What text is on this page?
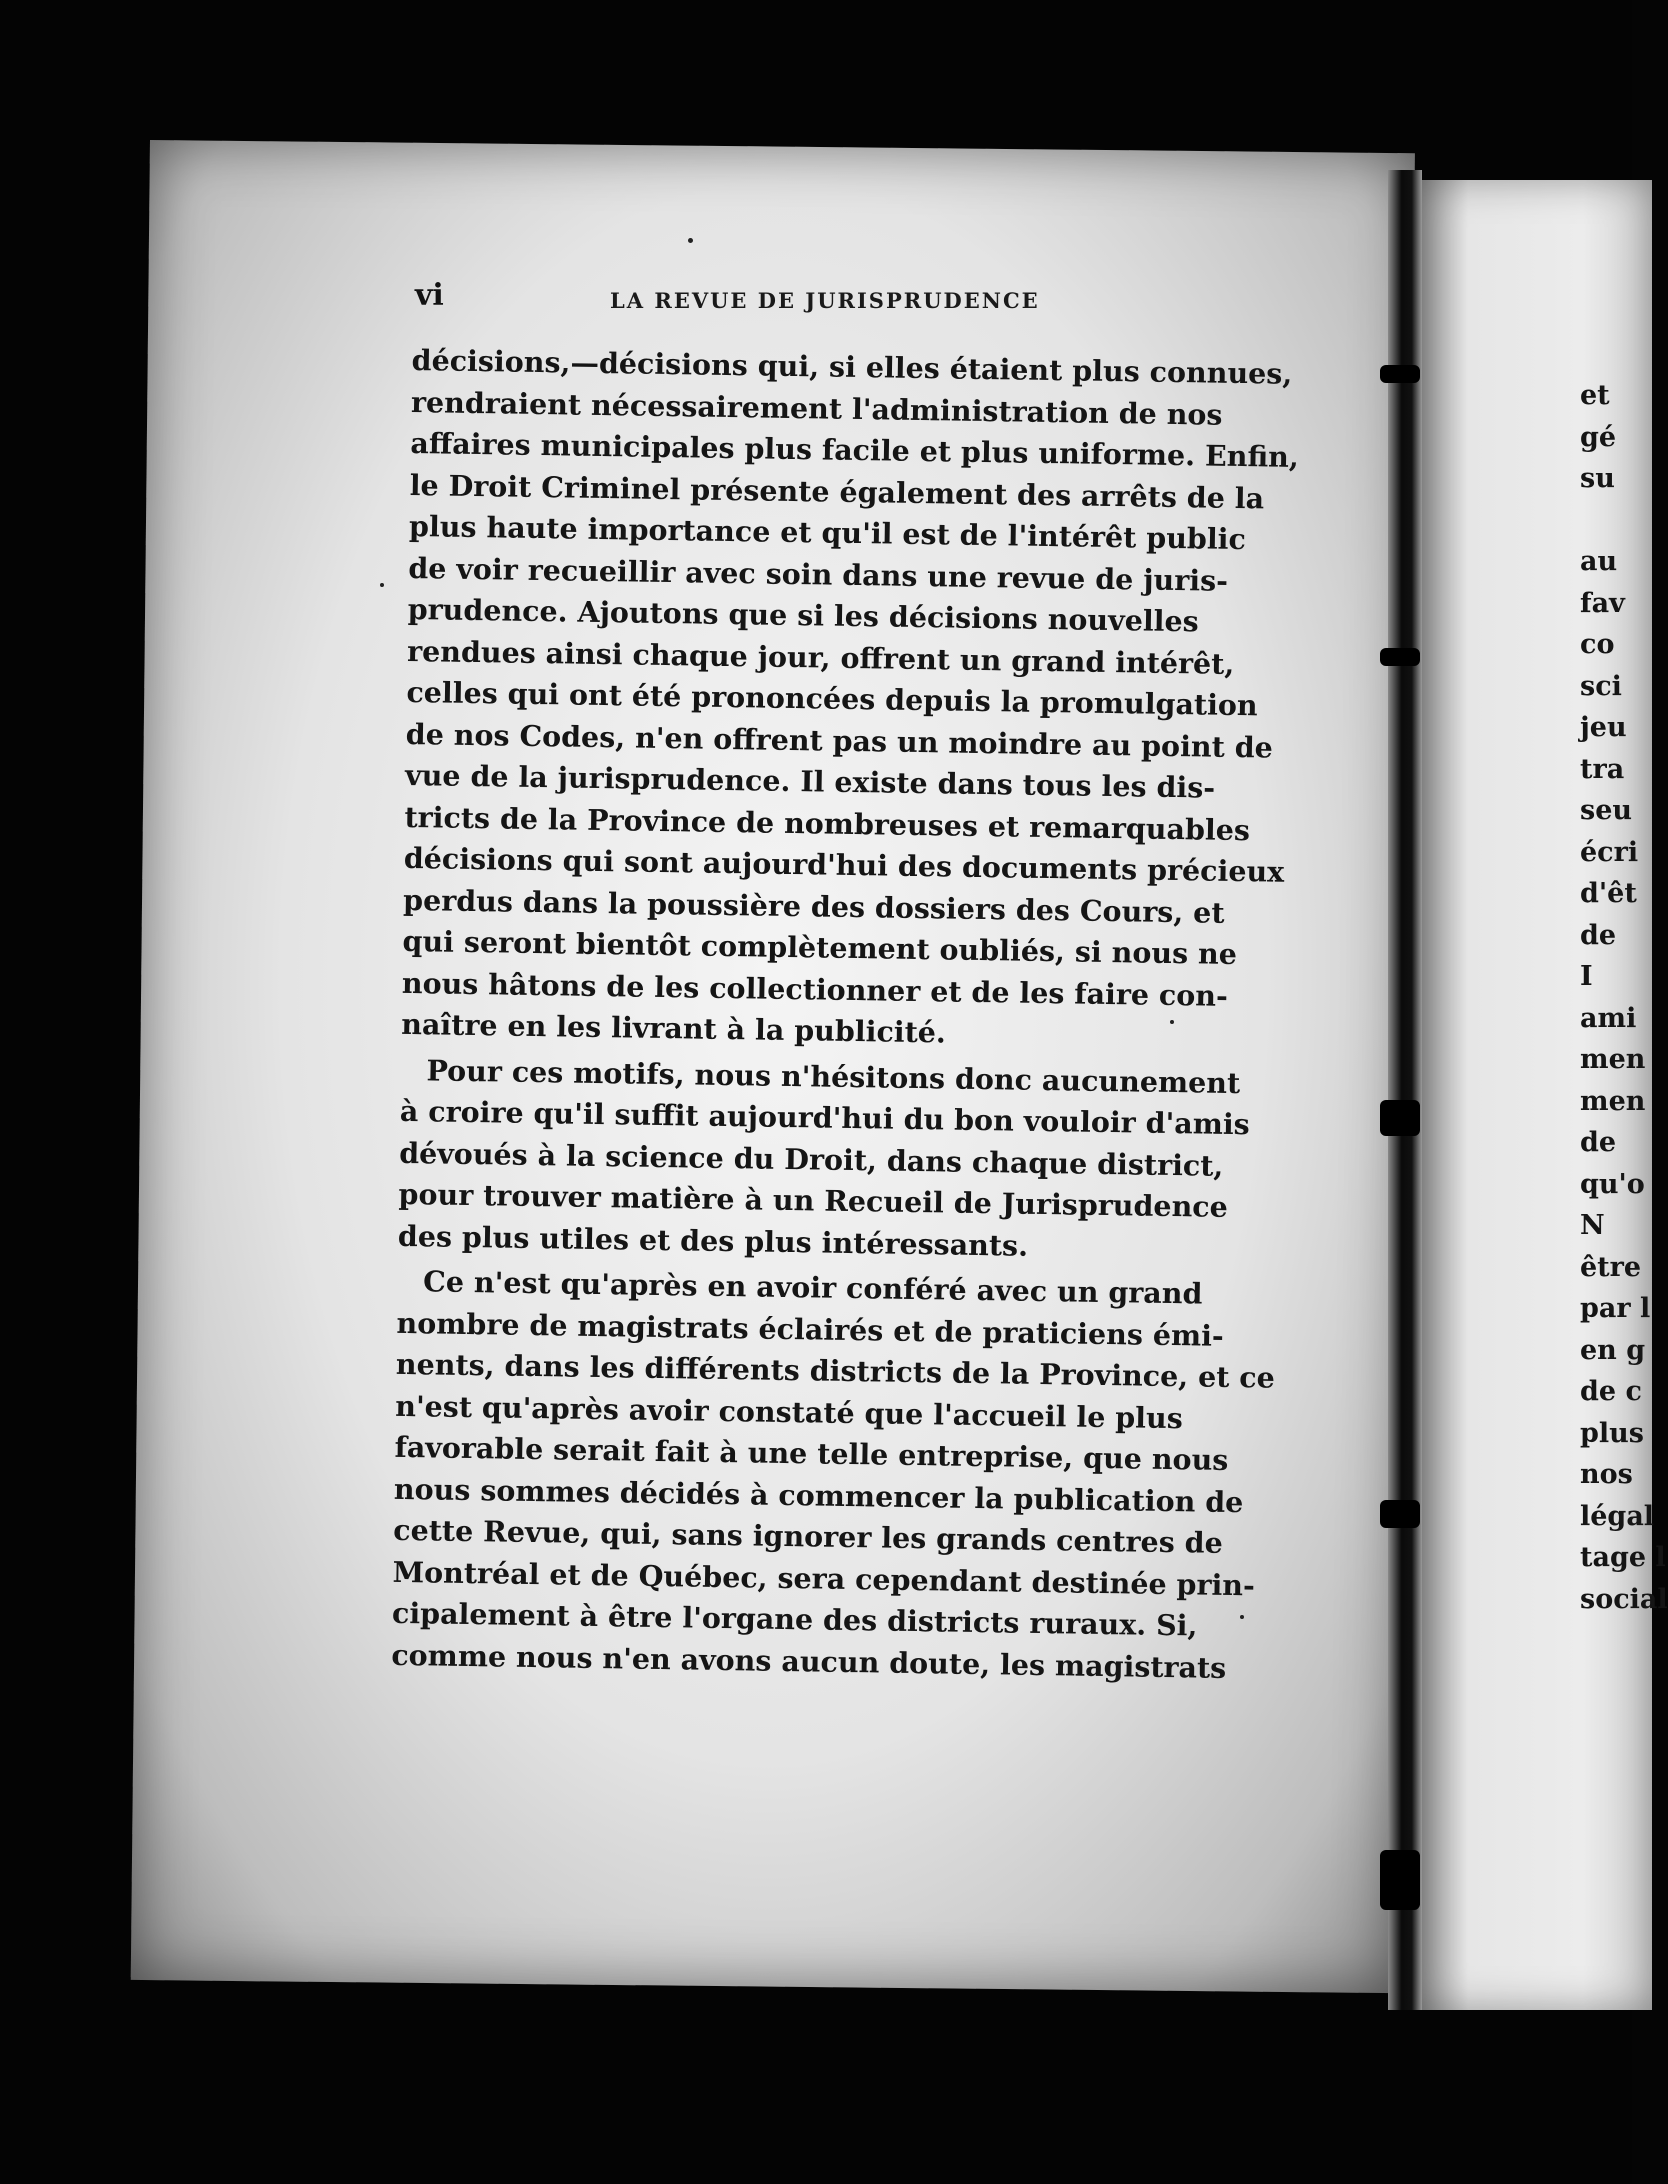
vi	LA REVUE DE JURISPRUDENCE
décisions,—décisions qui, si elles étaient plus connues,
rendraient nécessairement l'administration de nos
affaires municipales plus facile et plus uniforme. Enfin,
le Droit Criminel présente également des arrêts de la
plus haute importance et qu'il est de l'intérêt public
de voir recueillir avec soin dans une revue de juris-
prudence. Ajoutons que si les décisions nouvelles
rendues ainsi chaque jour, offrent un grand intérêt,
celles qui ont été prononcées depuis la promulgation
de nos Codes, n'en offrent pas un moindre au point de
vue de la jurisprudence. Il existe dans tous les dis-
tricts de la Province de nombreuses et remarquables
décisions qui sont aujourd'hui des documents précieux
perdus dans la poussière des dossiers des Cours, et
qui seront bientôt complètement oubliés, si nous ne
nous hâtons de les collectionner et de les faire con-
naître en les livrant à la publicité.
Pour ces motifs, nous n'hésitons donc aucunement
à croire qu'il suffit aujourd'hui du bon vouloir d'amis
dévoués à la science du Droit, dans chaque district,
pour trouver matière à un Recueil de Jurisprudence
des plus utiles et des plus intéressants.
Ce n'est qu'après en avoir conféré avec un grand
nombre de magistrats éclairés et de praticiens émi-
nents, dans les différents districts de la Province, et ce
n'est qu'après avoir constaté que l'accueil le plus
favorable serait fait à une telle entreprise, que nous
nous sommes décidés à commencer la publication de
cette Revue, qui, sans ignorer les grands centres de
Montréal et de Québec, sera cependant destinée prin-
cipalement à être l'organe des districts ruraux. Si,
comme nous n'en avons aucun doute, les magistrats
et
gé
su

au
fav
co
sci
jeu
tra
seu
écri
d'êt
de
I
ami
men
men
de
qu'o
N
être
par l
en g
de c
plus
nos
légal
tage l
social
